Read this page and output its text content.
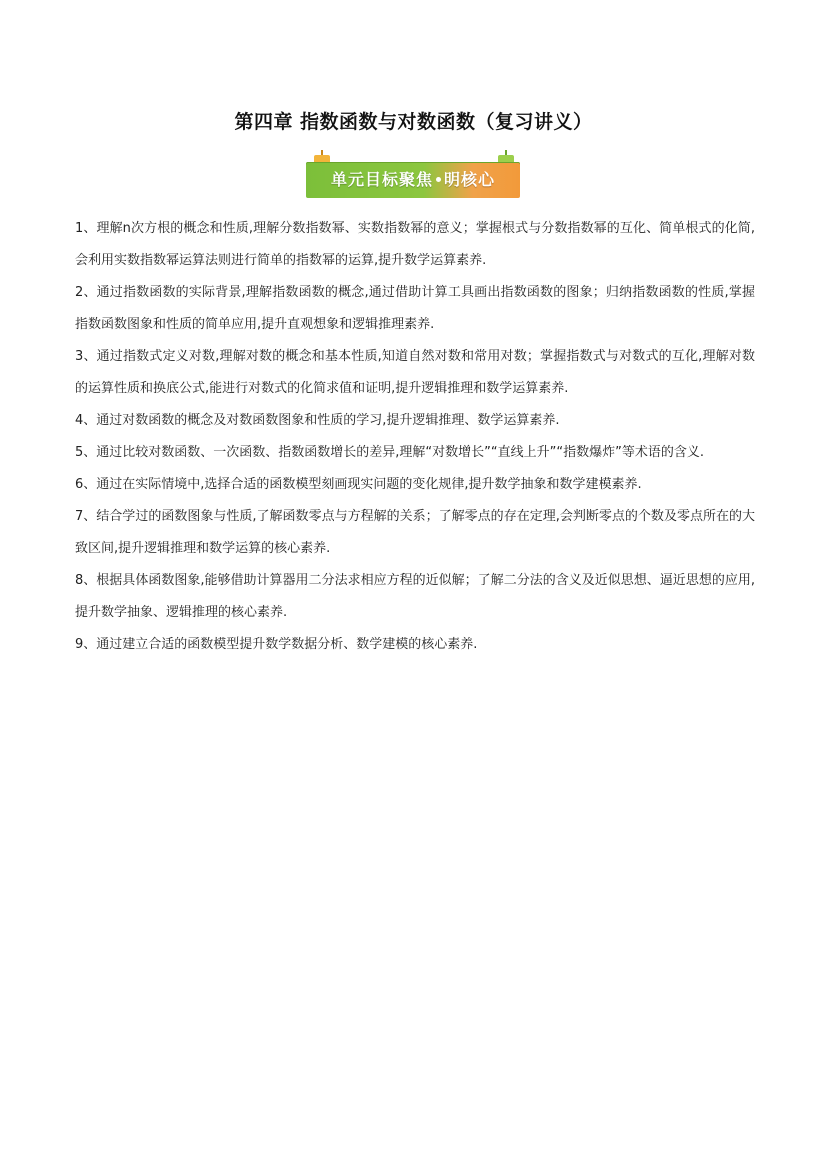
第四章 指数函数与对数函数（复习讲义）
单元目标聚焦 明核心
1、理解n次方根的概念和性质,理解分数指数幂、实数指数幂的意义；掌握根式与分数指数幂的互化、简单根式的化简,会利用实数指数幂运算法则进行简单的指数幂的运算,提升数学运算素养.
2、通过指数函数的实际背景,理解指数函数的概念,通过借助计算工具画出指数函数的图象；归纳指数函数的性质,掌握指数函数图象和性质的简单应用,提升直观想象和逻辑推理素养.
3、通过指数式定义对数,理解对数的概念和基本性质,知道自然对数和常用对数；掌握指数式与对数式的互化,理解对数的运算性质和换底公式,能进行对数式的化简求值和证明,提升逻辑推理和数学运算素养.
4、通过对数函数的概念及对数函数图象和性质的学习,提升逻辑推理、数学运算素养.
5、通过比较对数函数、一次函数、指数函数增长的差异,理解“对数增长”“直线上升”“指数爆炸”等术语的含义.
6、通过在实际情境中,选择合适的函数模型刻画现实问题的变化规律,提升数学抽象和数学建模素养.
7、结合学过的函数图象与性质,了解函数零点与方程解的关系；了解零点的存在定理,会判断零点的个数及零点所在的大致区间,提升逻辑推理和数学运算的核心素养.
8、根据具体函数图象,能够借助计算器用二分法求相应方程的近似解；了解二分法的含义及近似思想、逼近思想的应用,提升数学抽象、逻辑推理的核心素养.
9、通过建立合适的函数模型提升数学数据分析、数学建模的核心素养.
